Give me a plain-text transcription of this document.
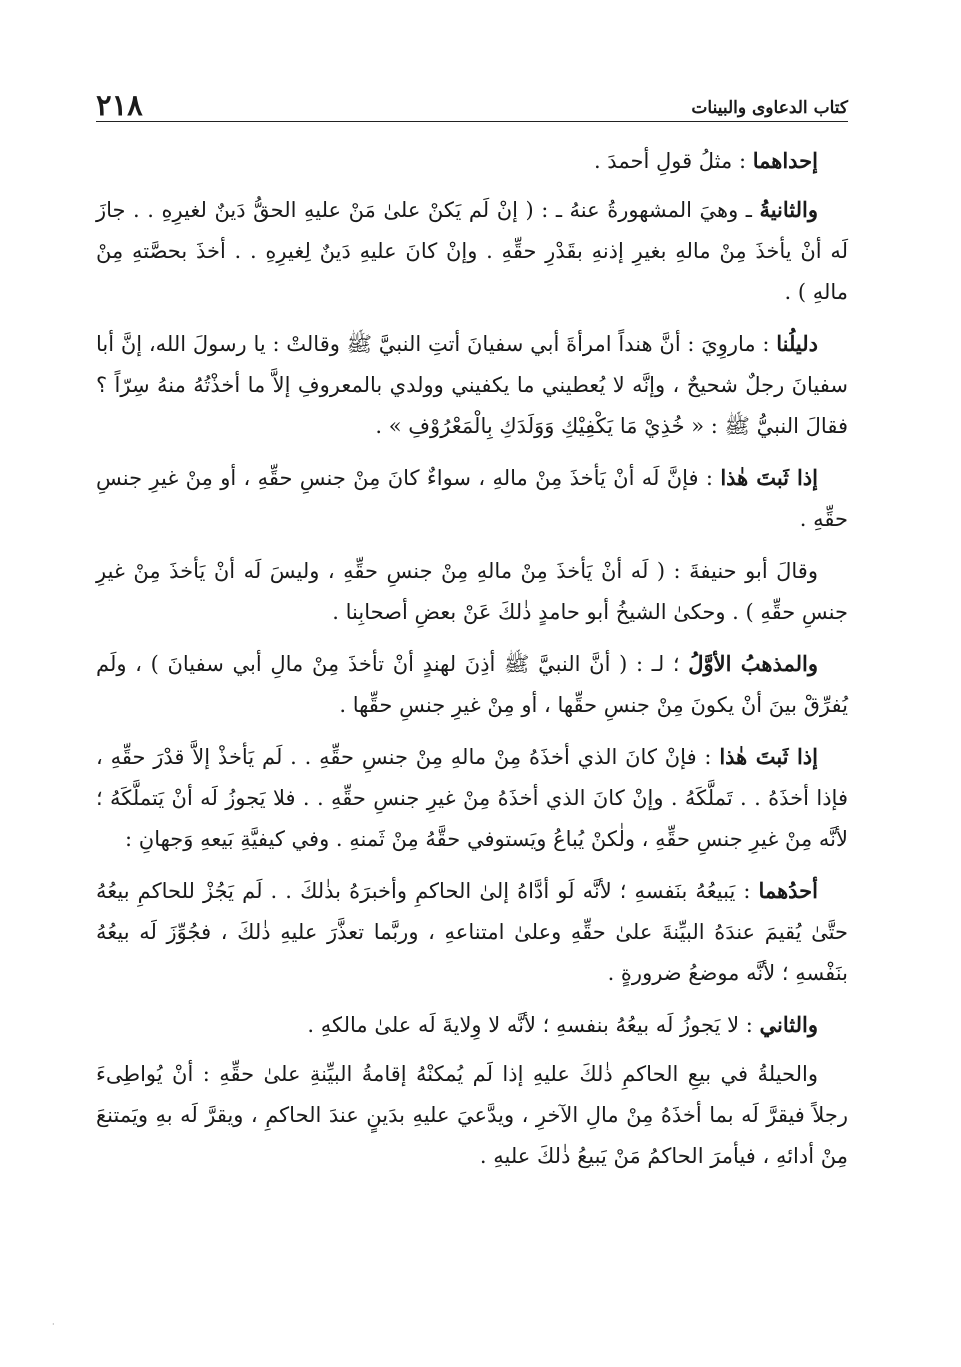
كتاب الدعاوى والبينات
٢١٨

إحداهما : مثلُ قولِ أحمدَ .

والثانيةُ ـ وهيَ المشهورةُ عنهُ ـ : ( إنْ لَم يَكنْ علىٰ مَنْ عليهِ الحقُّ دَينٌ لغيرِهِ . . جازَ لَه أنْ يأخذَ مِنْ مالهِ بغيرِ إذنهِ بقَدْرِ حقِّهِ . وإنْ كانَ عليهِ دَينٌ لِغيرِهِ . . أخذَ بحصَّتهِ مِنْ مالهِ ) .

دليلُنا : ماروِيَ : أنَّ هنداً امرأةَ أبي سفيانَ أتتِ النبيَّ ﷺ وقالتْ : يا رسولَ الله، إنَّ أبا سفيانَ رجلٌ شحيحٌ ، وإنَّه لا يُعطيني ما يكفيني وولدي بالمعروفِ إلاَّ ما أخذْتُهُ منهُ سِرّاً ؟ فقالَ النبيُّ ﷺ : « خُذِيْ مَا يَكْفِيْكِ وَوَلَدَكِ بِالْمَعْرُوْفِ » .

إذا ثَبتَ هٰذا : فإنَّ لَه أنْ يَأخذَ مِنْ مالهِ ، سواءٌ كانَ مِنْ جنسِ حقِّهِ ، أو مِنْ غيرِ جنسِ حقِّهِ .

وقالَ أبو حنيفةَ : ( لَه أنْ يَأخذَ مِنْ مالهِ مِنْ جنسِ حقِّهِ ، وليسَ لَه أنْ يَأخذَ مِنْ غيرِ جنسِ حقِّهِ ) . وحكىٰ الشيخُ أبو حامدٍ ذٰلكَ عَنْ بعضِ أصحابِنا .

والمذهبُ الأوَّلُ ؛ لـ : ( أنَّ النبيَّ ﷺ أذِنَ لهندٍ أنْ تأخذَ مِنْ مالِ أبي سفيانَ ) ، ولَم يُفرِّقْ بينَ أنْ يكونَ مِنْ جنسِ حقِّها ، أو مِنْ غيرِ جنسِ حقِّها .

إذا ثَبتَ هٰذا : فإنْ كانَ الذي أخذَهُ مِنْ مالهِ مِنْ جنسِ حقِّهِ . . لَم يَأخذْ إلاَّ قدْرَ حقِّهِ ، فإذا أخذَهُ . . تَملَّكَهُ . وإنْ كانَ الذي أخذَهُ مِنْ غيرِ جنسِ حقِّهِ . . فلا يَجوزُ لَه أنْ يَتملَّكَهُ ؛ لأنَّه مِنْ غيرِ جنسِ حقِّهِ ، ولٰكنْ يُباعُ ويَستوفي حقَّهُ مِنْ ثَمنهِ . وفي كيفيَّةِ بَيعهِ وَجهانِ :

أحدُهما : يَبيعُهُ بنَفسهِ ؛ لأنَّه لَو أدَّاهُ إلىٰ الحاكمِ وأخبرَهُ بذٰلكَ . . لَم يَجُزْ للحاكمِ بيعُهُ حتَّىٰ يُقيمَ عندَهُ البيِّنةَ علىٰ حقِّهِ وعلىٰ امتناعهِ ، وربَّما تعذَّرَ عليهِ ذٰلكَ ، فجُوِّزَ لَه بيعُهُ بنَفْسهِ ؛ لأنَّه موضعُ ضرورةٍ .

والثاني : لا يَجوزُ لَه بيعُهُ بنفسهِ ؛ لأنَّه لا وِلايةَ لَه علىٰ مالكهِ .

والحيلةُ في بيعِ الحاكمِ ذٰلكَ عليهِ إذا لَم يُمكنْهُ إقامةُ البيِّنةِ علىٰ حقِّهِ : أنْ يُواطِىءَ رجلاً فيقرَّ لَه بما أخذَهُ مِنْ مالِ الآخرِ ، ويدَّعيَ عليهِ بدَينٍ عندَ الحاكمِ ، ويقرَّ لَه بهِ ويَمتنعَ مِنْ أدائهِ ، فيأمرَ الحاكمُ مَنْ يَبيعُ ذٰلكَ عليهِ .

·
